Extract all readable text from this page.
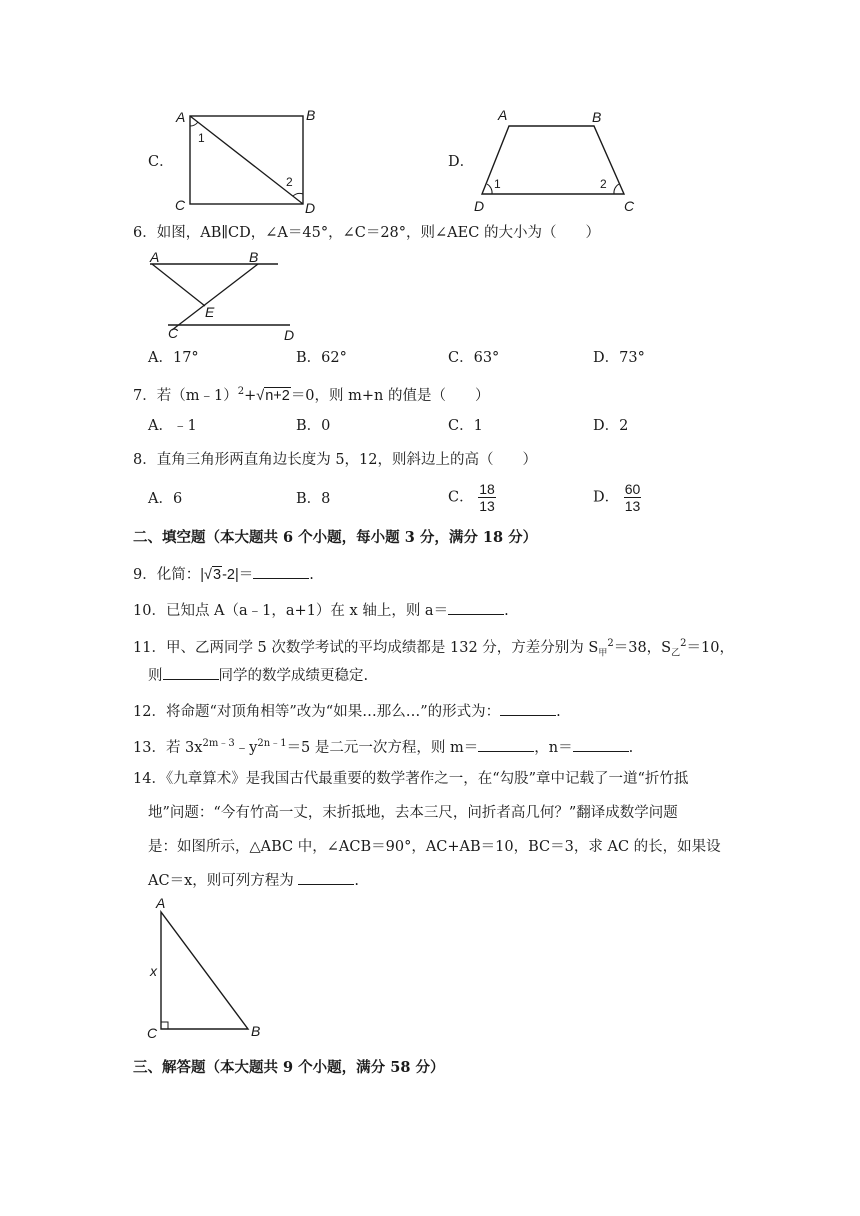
C．
A	B
C	D
1
2
D．
A	B
C
D
1	2
6．如图，AB∥CD，∠A＝45°，∠C＝28°，则∠AEC 的大小为（　　）
A	B
C	D
E
A．17°	B．62°	C．63°	D．73°
7．若（m﹣1）$^2$+√n+2＝0，则 m+n 的值是（　　）
A．﹣1	B．0	C．1	D．2
8．直角三角形两直角边长度为 5，12，则斜边上的高（　　）
A．6	B．8	C． $\frac{18}{13}$	D． $\frac{60}{13}$
二、填空题（本大题共 6 个小题，每小题 3 分，满分 18 分）
9．化简：|√3-2|＝	.
10．已知点 A（a﹣1，a+1）在 x 轴上，则 a＝	.
11．甲、乙两同学 5 次数学考试的平均成绩都是 132 分，方差分别为 $S_甲^2=38$，$S_乙^2=10$，
则	同学的数学成绩更稳定.
12．将命题“对顶角相等”改为“如果…那么…”的形式为：	.
13．若 $3x^{2m﹣3}﹣y^{2n﹣1}=5$ 是二元一次方程，则 m＝	，n＝	.
14．《九章算术》是我国古代最重要的数学著作之一，在“勾股”章中记载了一道“折竹抵
地”问题：“今有竹高一丈，末折抵地，去本三尺，问折者高几何？”翻译成数学问题
是：如图所示，△ABC 中，∠ACB＝90°，AC+AB＝10，BC＝3，求 AC 的长，如果设
AC＝x，则可列方程为	.
A
B
C
x
三、解答题（本大题共 9 个小题，满分 58 分）
